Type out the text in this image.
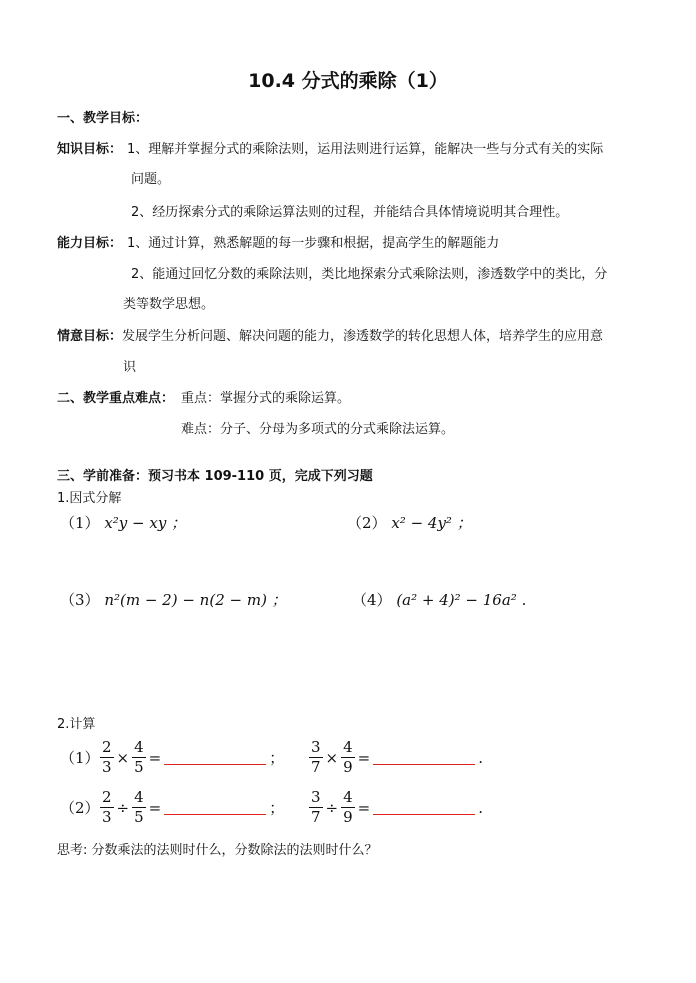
10.4 分式的乘除（1）
一、教学目标：
知识目标： 1、理解并掌握分式的乘除法则，运用法则进行运算，能解决一些与分式有关的实际
问题。
2、经历探索分式的乘除运算法则的过程，并能结合具体情境说明其合理性。
能力目标： 1、通过计算，熟悉解题的每一步骤和根据，提高学生的解题能力
2、能通过回忆分数的乘除法则，类比地探索分式乘除法则，渗透数学中的类比，分
类等数学思想。
情意目标： 发展学生分析问题、解决问题的能力，渗透数学的转化思想人体，培养学生的应用意
识
二、教学重点难点： 重点：掌握分式的乘除运算。
难点：分子、分母为多项式的分式乘除法运算。
三、学前准备：预习书本 109-110 页，完成下列习题
1.因式分解
（1） x²y − xy ；	（2） x² − 4y² ；
（3） n²(m − 2) − n(2 − m) ；	（4） (a² + 4)² − 16a² .
2.计算
$(1) \frac{2}{3} \times \frac{4}{5}$ =	； $\frac{3}{7} \times \frac{4}{9}$ =	.
$(2) \frac{2}{3} \div \frac{4}{5}$ =	； $\frac{3}{7} \div \frac{4}{9}$ =	.
思考: 分数乘法的法则时什么，分数除法的法则时什么？
